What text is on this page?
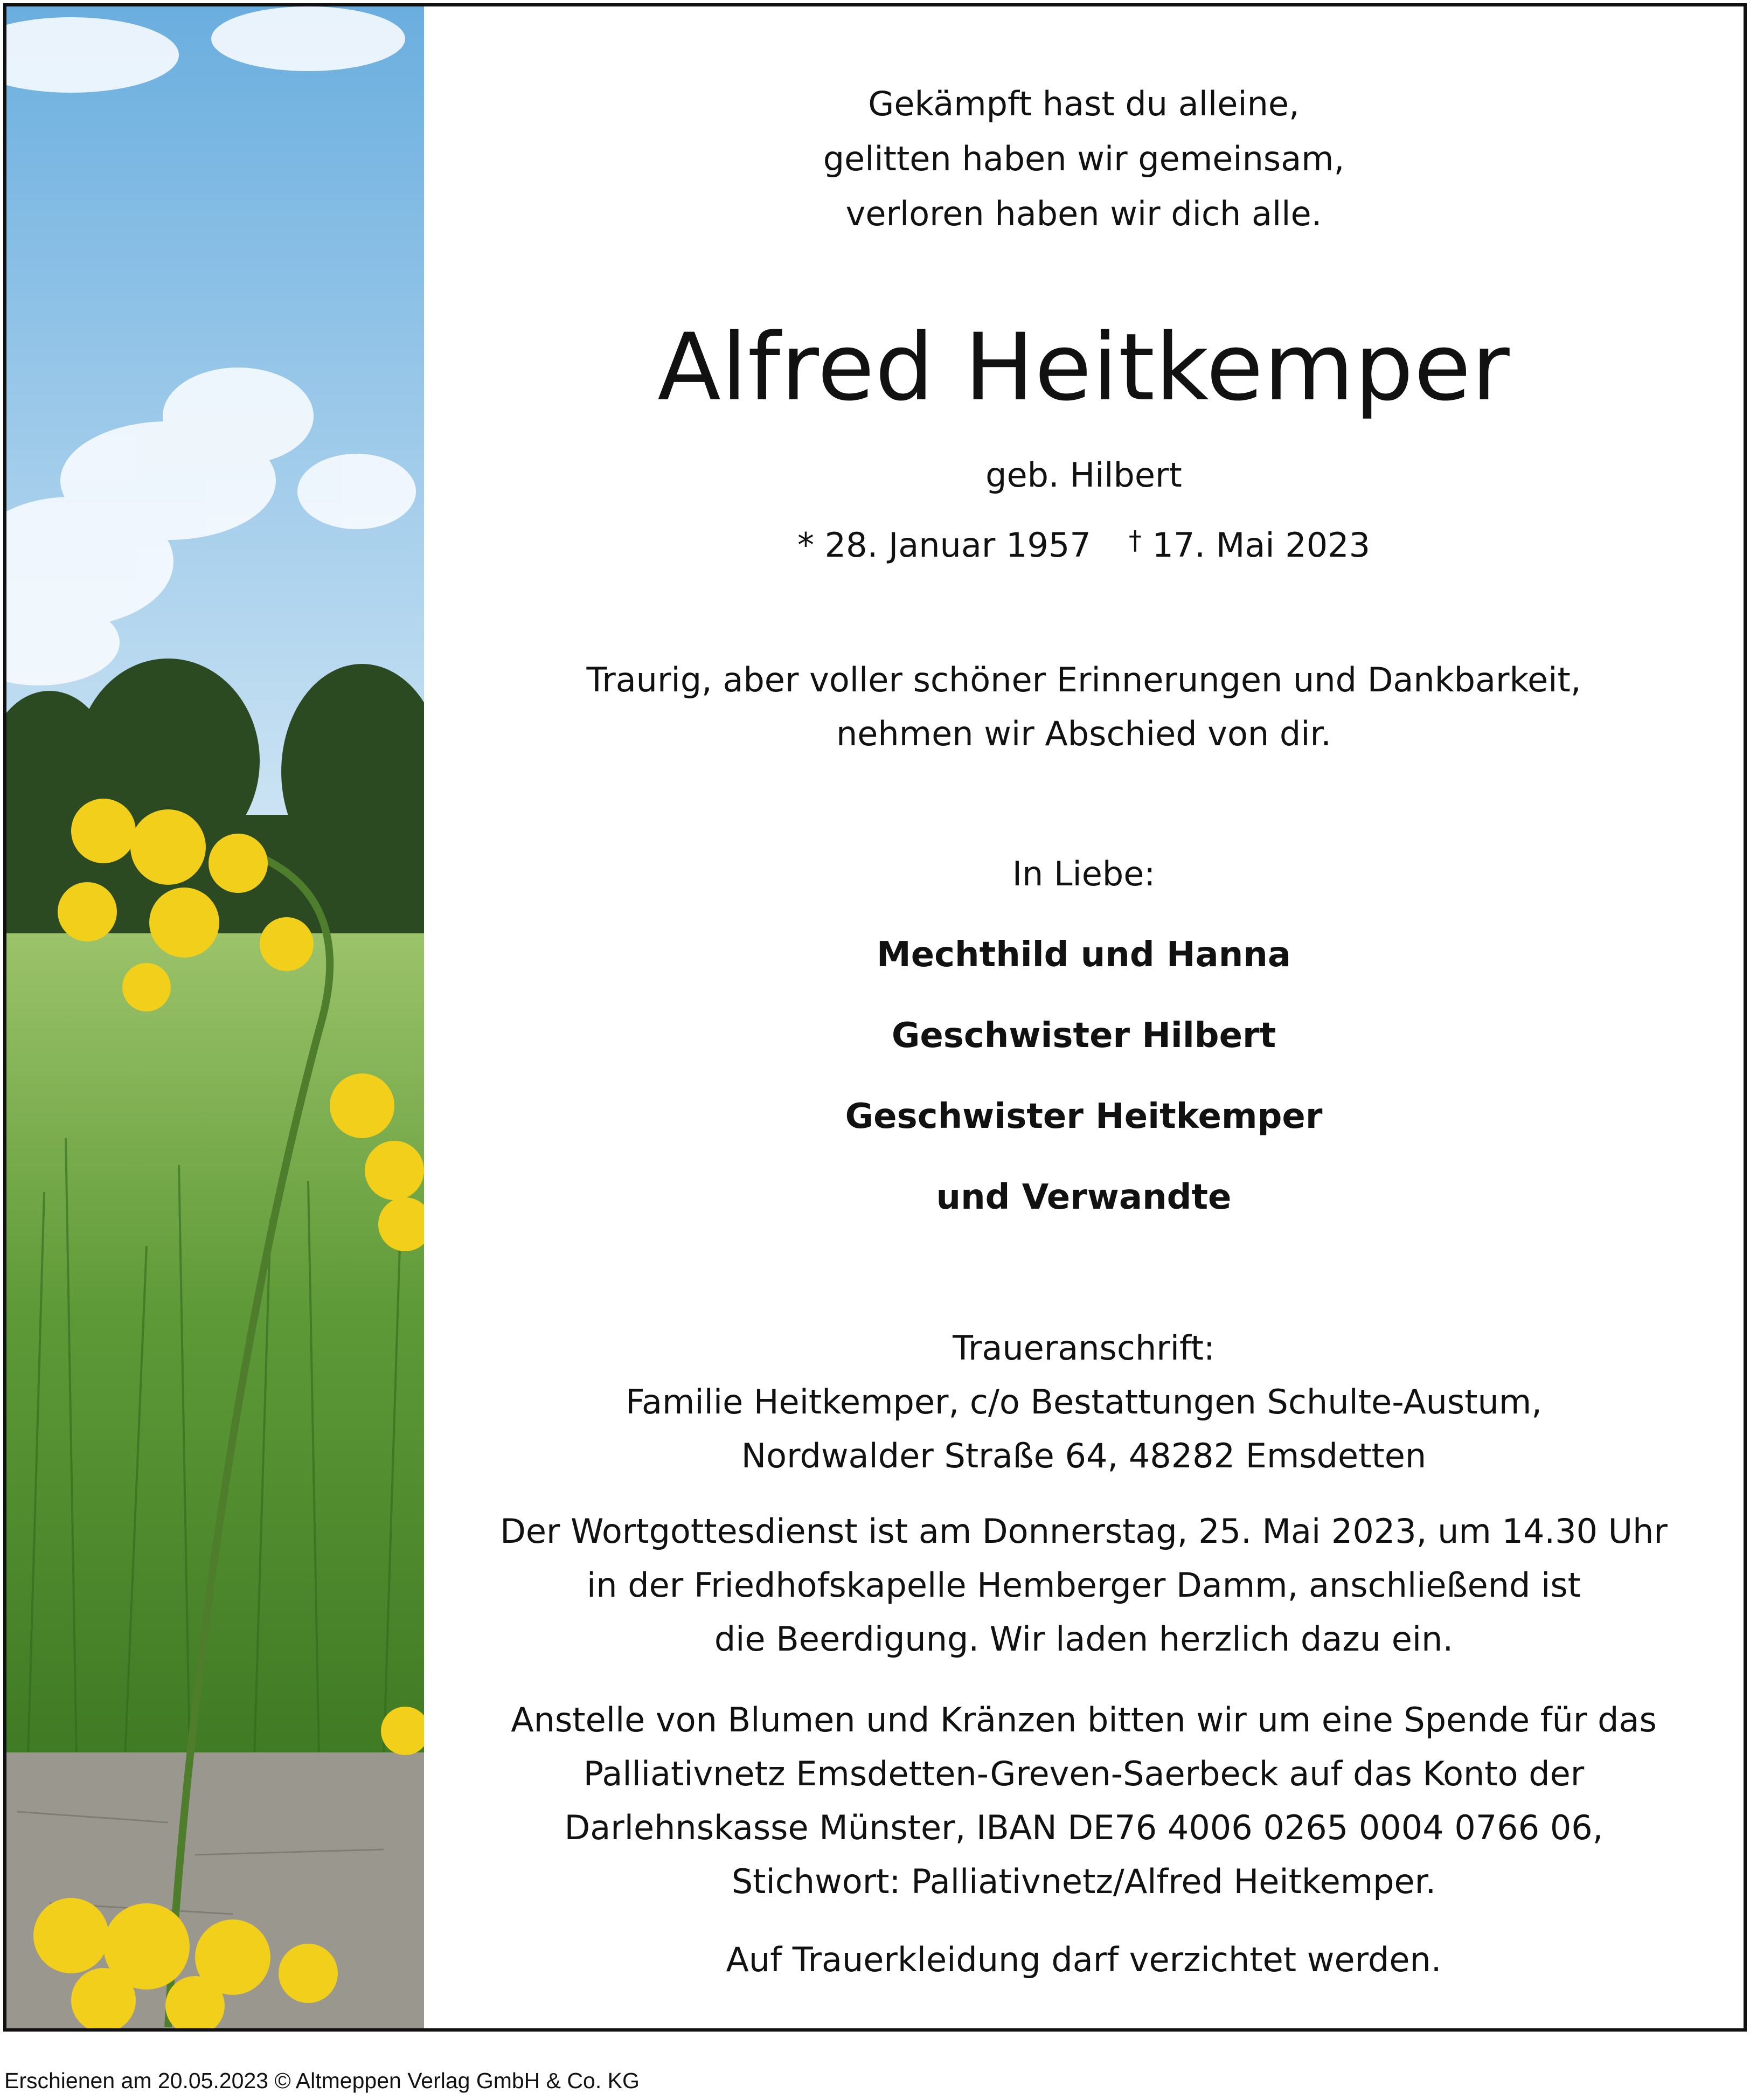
Gekämpft hast du alleine,
gelitten haben wir gemeinsam,
verloren haben wir dich alle.
Alfred Heitkemper
geb. Hilbert
* 28. Januar 1957 † 17. Mai 2023
Traurig, aber voller schöner Erinnerungen und Dankbarkeit,
nehmen wir Abschied von dir.
In Liebe:
Mechthild und Hanna
Geschwister Hilbert
Geschwister Heitkemper
und Verwandte
Traueranschrift:
Familie Heitkemper, c/o Bestattungen Schulte-Austum,
Nordwalder Straße 64, 48282 Emsdetten
Der Wortgottesdienst ist am Donnerstag, 25. Mai 2023, um 14.30 Uhr
in der Friedhofskapelle Hemberger Damm, anschließend ist
die Beerdigung. Wir laden herzlich dazu ein.
Anstelle von Blumen und Kränzen bitten wir um eine Spende für das
Palliativnetz Emsdetten-Greven-Saerbeck auf das Konto der
Darlehnskasse Münster, IBAN DE76 4006 0265 0004 0766 06,
Stichwort: Palliativnetz/Alfred Heitkemper.
Auf Trauerkleidung darf verzichtet werden.
Erschienen am 20.05.2023 © Altmeppen Verlag GmbH & Co. KG
